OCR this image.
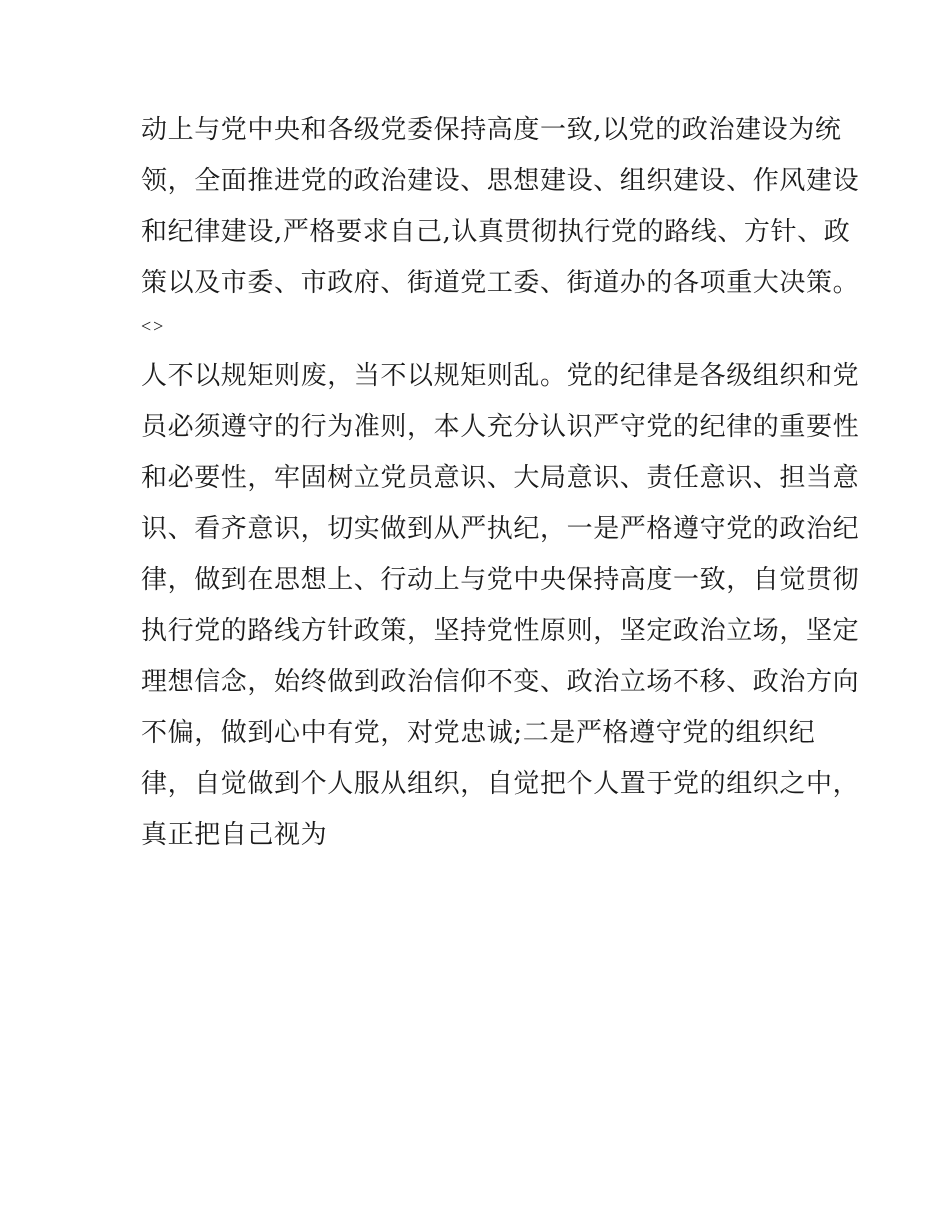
动上与党中央和各级党委保持高度一致,以党的政治建设为统
领，全面推进党的政治建设、思想建设、组织建设、作风建设
和纪律建设,严格要求自己,认真贯彻执行党的路线、方针、政
策以及市委、市政府、街道党工委、街道办的各项重大决策。
<>
人不以规矩则废，当不以规矩则乱。党的纪律是各级组织和党
员必须遵守的行为准则，本人充分认识严守党的纪律的重要性
和必要性，牢固树立党员意识、大局意识、责任意识、担当意
识、看齐意识，切实做到从严执纪，一是严格遵守党的政治纪
律，做到在思想上、行动上与党中央保持高度一致，自觉贯彻
执行党的路线方针政策，坚持党性原则，坚定政治立场，坚定
理想信念，始终做到政治信仰不变、政治立场不移、政治方向
不偏，做到心中有党，对党忠诚;二是严格遵守党的组织纪
律，自觉做到个人服从组织，自觉把个人置于党的组织之中，
真正把自己视为
